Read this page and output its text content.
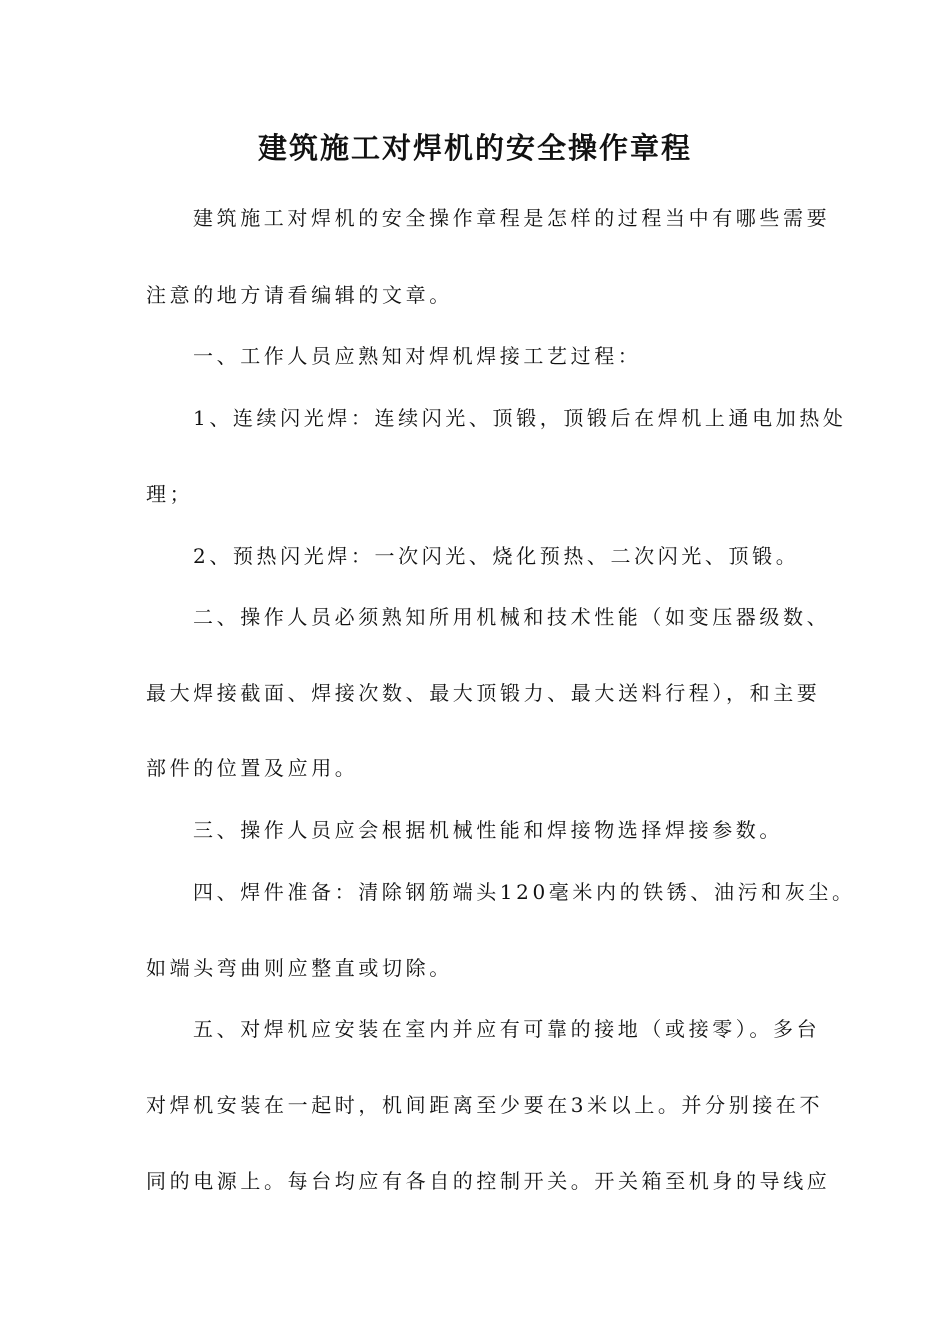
建筑施工对焊机的安全操作章程

建筑施工对焊机的安全操作章程是怎样的过程当中有哪些需要

注意的地方请看编辑的文章。

一、工作人员应熟知对焊机焊接工艺过程：

1、连续闪光焊：连续闪光、顶锻，顶锻后在焊机上通电加热处

理；

2、预热闪光焊：一次闪光、烧化预热、二次闪光、顶锻。

二、操作人员必须熟知所用机械和技术性能（如变压器级数、

最大焊接截面、焊接次数、最大顶锻力、最大送料行程），和主要

部件的位置及应用。

三、操作人员应会根据机械性能和焊接物选择焊接参数。

四、焊件准备：清除钢筋端头120毫米内的铁锈、油污和灰尘。

如端头弯曲则应整直或切除。

五、对焊机应安装在室内并应有可靠的接地（或接零）。多台

对焊机安装在一起时，机间距离至少要在3米以上。并分别接在不

同的电源上。每台均应有各自的控制开关。开关箱至机身的导线应
